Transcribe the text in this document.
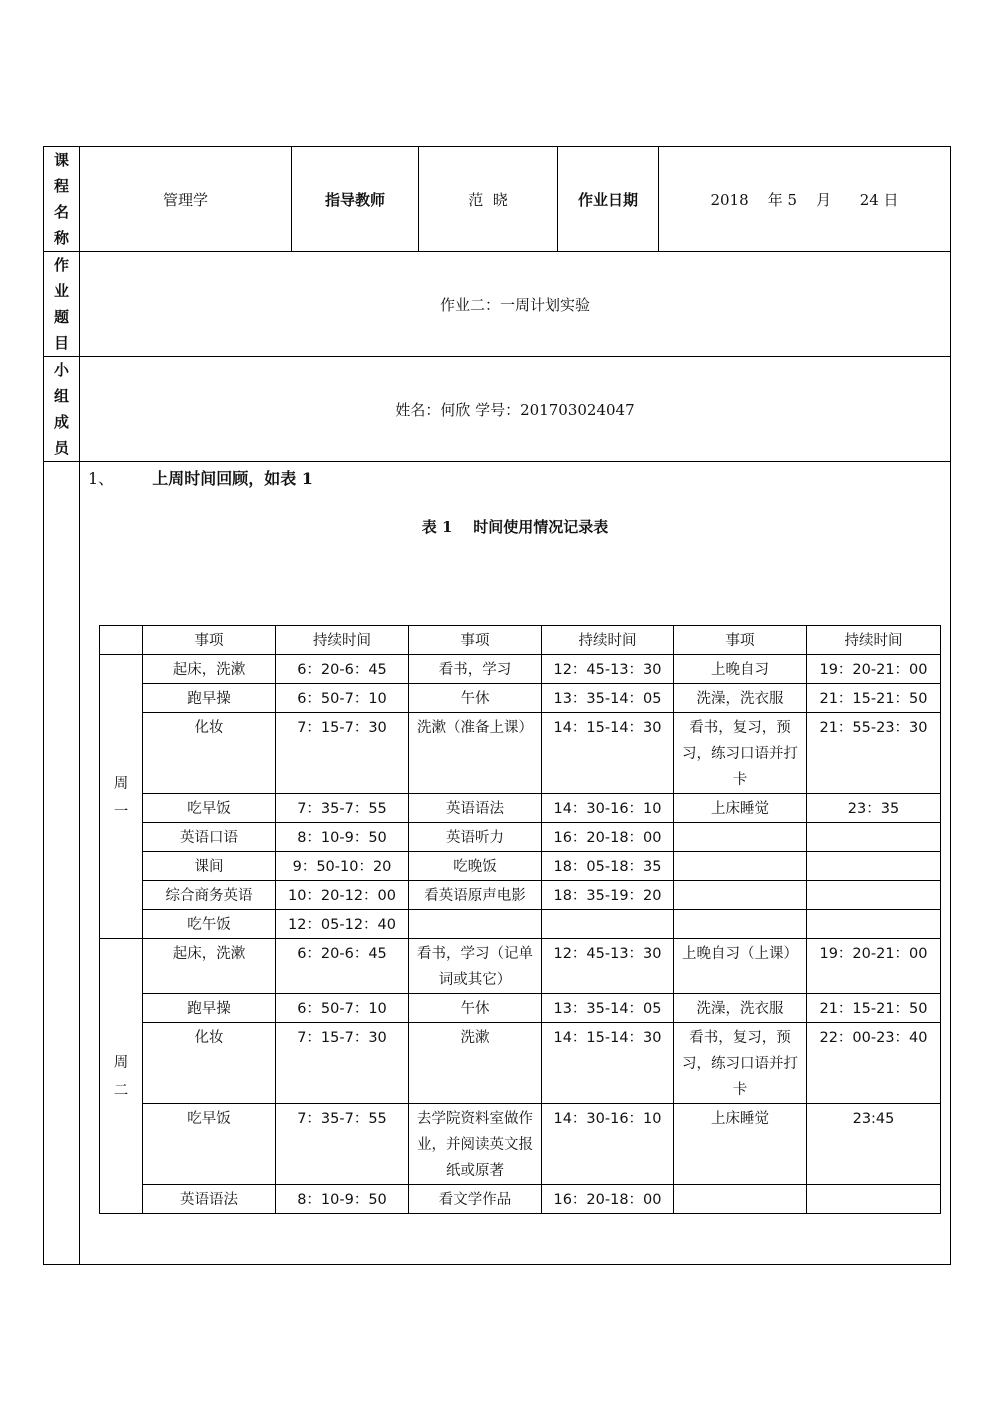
课
程
名
称
	管理学	指导教师	范  晓	作业日期	2018    年 5    月      24 日

作
业
题
目
	作业二：一周计划实验

小
组
成
员
	姓名：何欣 学号：201703024047

1、 上周时间回顾，如表 1
表 1    时间使用情况记录表
	事项	持续时间	事项	持续时间	事项	持续时间

周
一
	起床，洗漱	6：20-6：45	看书，学习	12：45-13：30	上晚自习	19：20-21：00
跑早操	6：50-7：10	午休	13：35-14：05	洗澡，洗衣服	21：15-21：50
化妆	7：15-7：30	洗漱（准备上课）	14：15-14：30	看书，复习，预习，练习口语并打卡	21：55-23：30
吃早饭	7：35-7：55	英语语法	14：30-16：10	上床睡觉	23：35
英语口语	8：10-9：50	英语听力	16：20-18：00		
课间	9：50-10：20	吃晚饭	18：05-18：35		
综合商务英语	10：20-12：00	看英语原声电影	18：35-19：20		
吃午饭	12：05-12：40				

周
二
	起床，洗漱	6：20-6：45	看书，学习（记单词或其它）	12：45-13：30	上晚自习（上课）	19：20-21：00
跑早操	6：50-7：10	午休	13：35-14：05	洗澡，洗衣服	21：15-21：50
化妆	7：15-7：30	洗漱	14：15-14：30	看书，复习，预习，练习口语并打卡	22：00-23：40
吃早饭	7：35-7：55	去学院资料室做作业，并阅读英文报纸或原著	14：30-16：10	上床睡觉	23:45
英语语法	8：10-9：50	看文学作品	16：20-18：00		
